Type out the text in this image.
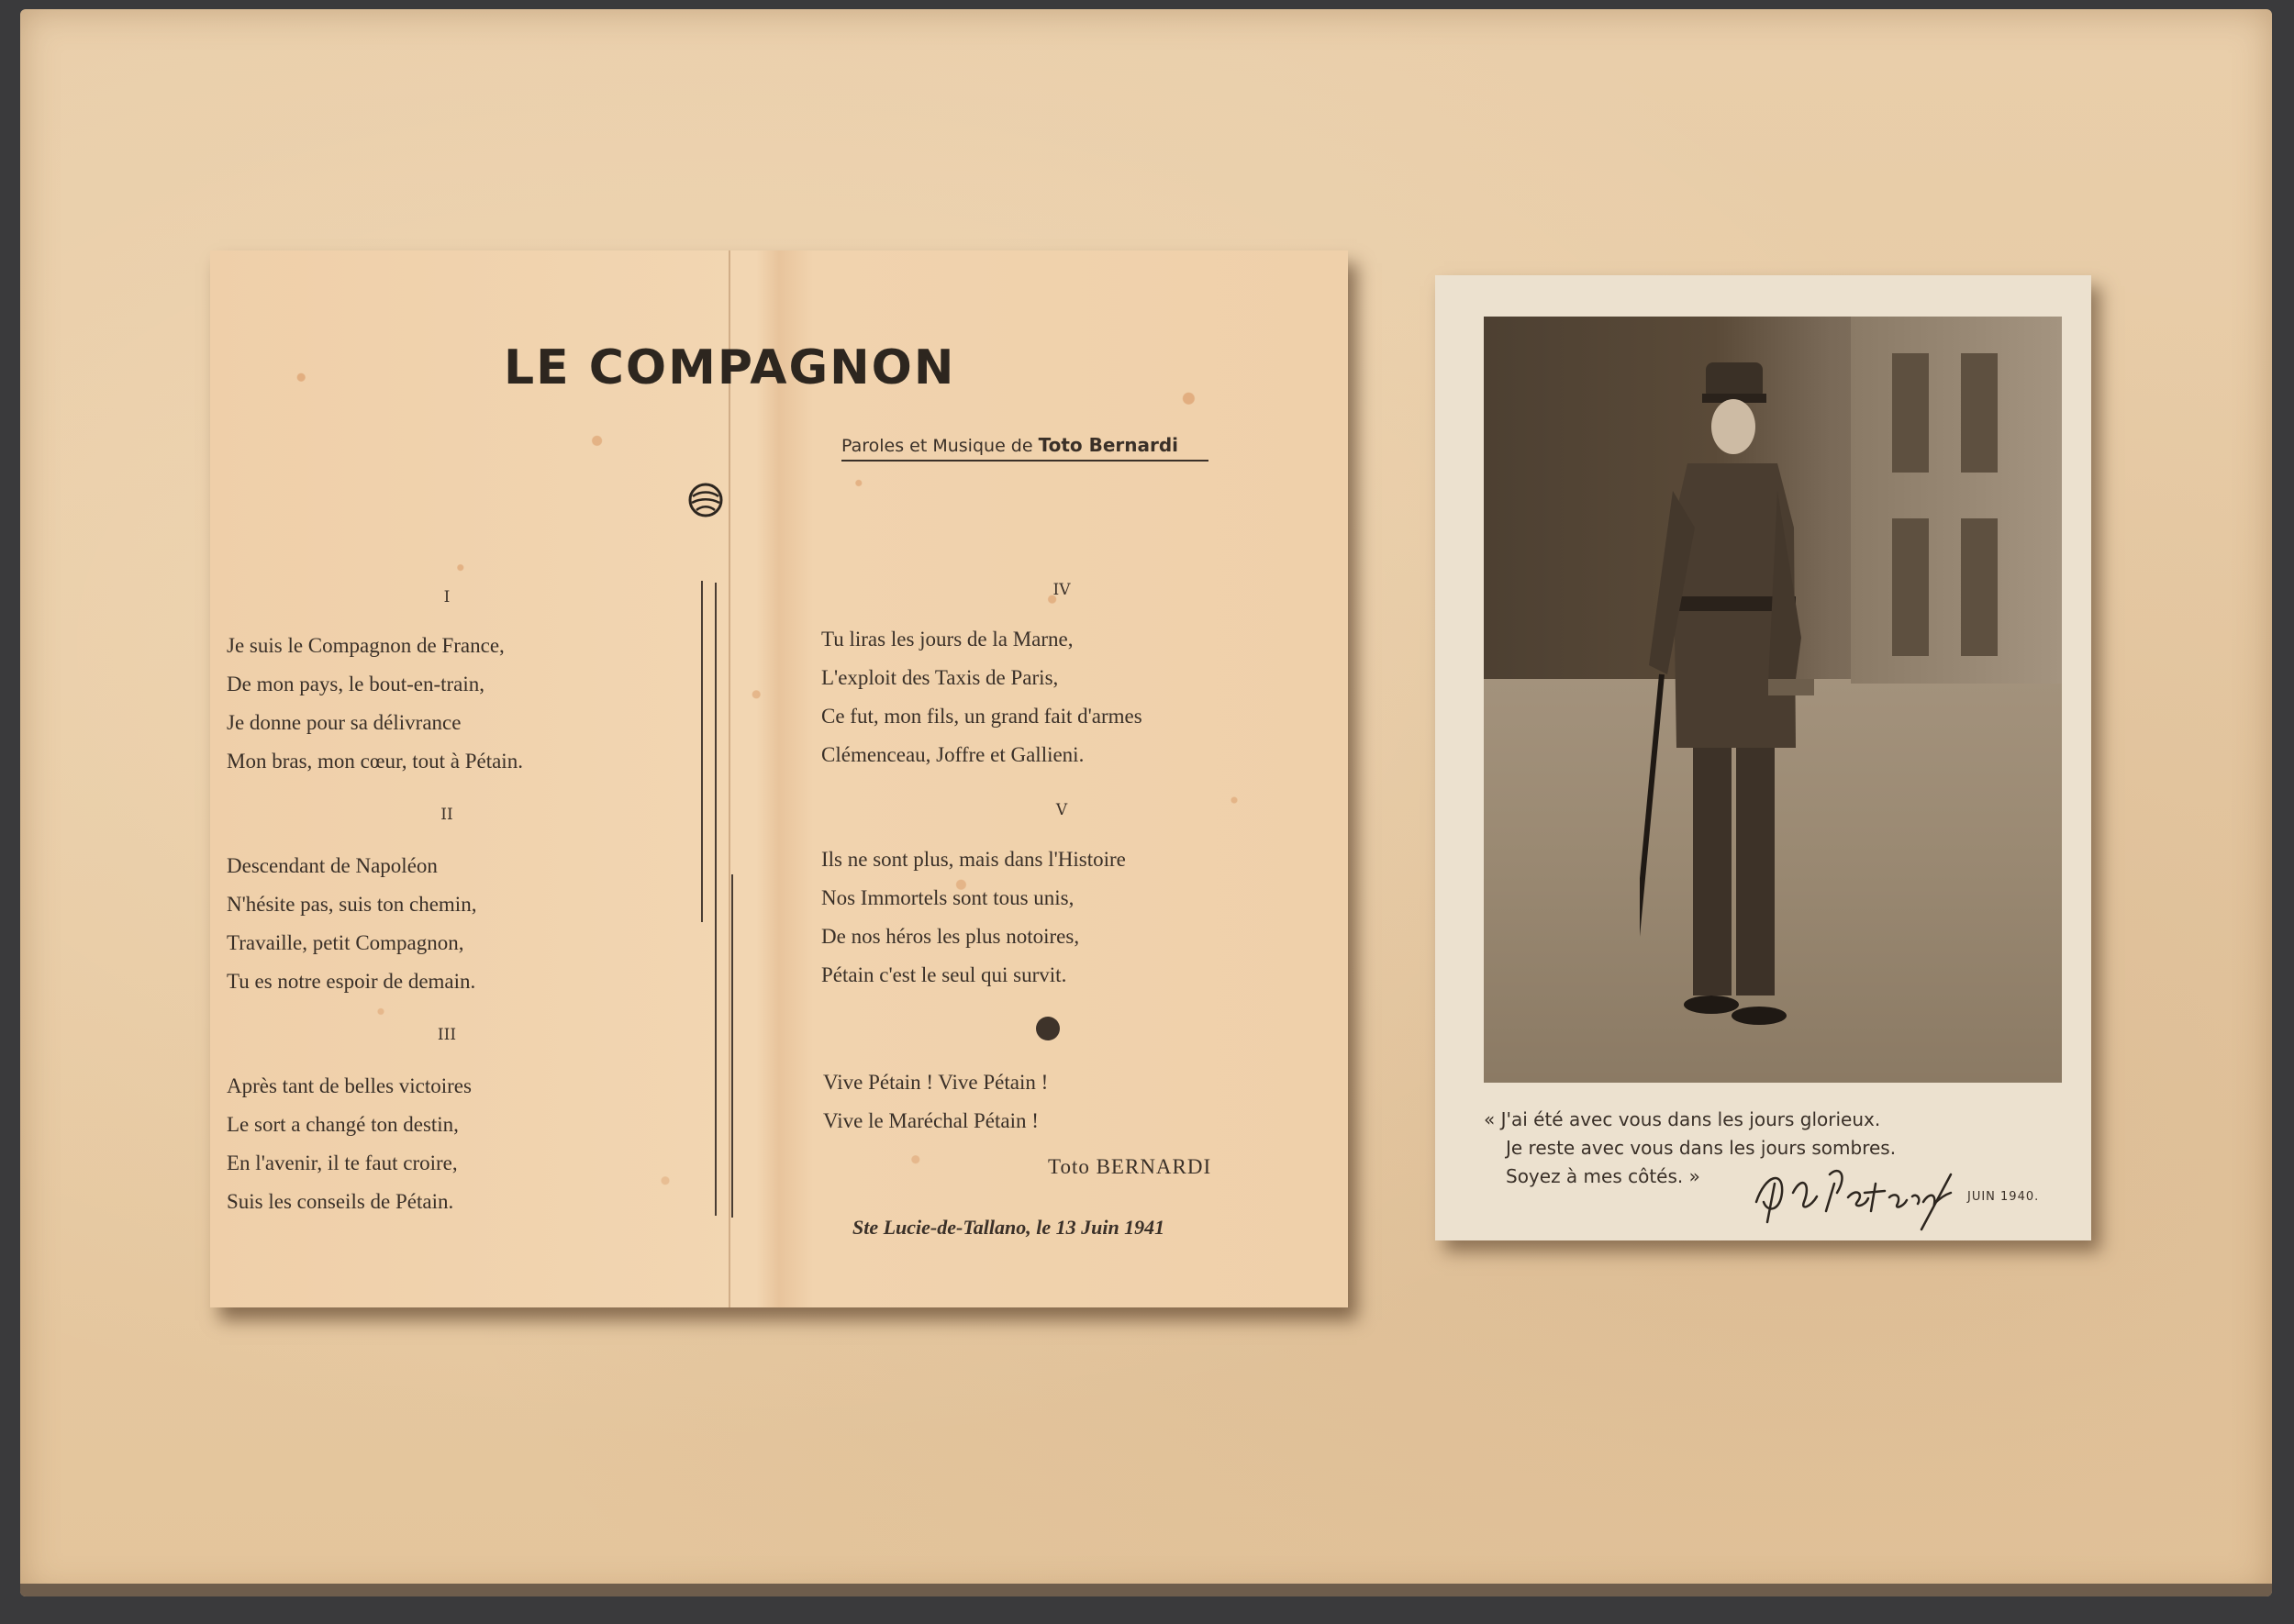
LE COMPAGNON
Paroles et Musique de Toto Bernardi
I
Je suis le Compagnon de France,
De mon pays, le bout-en-train,
Je donne pour sa délivrance
Mon bras, mon cœur, tout à Pétain.
II
Descendant de Napoléon
N'hésite pas, suis ton chemin,
Travaille, petit Compagnon,
Tu es notre espoir de demain.
III
Après tant de belles victoires
Le sort a changé ton destin,
En l'avenir, il te faut croire,
Suis les conseils de Pétain.
IV
Tu liras les jours de la Marne,
L'exploit des Taxis de Paris,
Ce fut, mon fils, un grand fait d'armes
Clémenceau, Joffre et Gallieni.
V
Ils ne sont plus, mais dans l'Histoire
Nos Immortels sont tous unis,
De nos héros les plus notoires,
Pétain c'est le seul qui survit.
Vive Pétain ! Vive Pétain !
Vive le Maréchal Pétain !
Toto BERNARDI
Ste Lucie-de-Tallano, le 13 Juin 1941
« J'ai été avec vous dans les jours glorieux.
Je reste avec vous dans les jours sombres.
Soyez à mes côtés. »
JUIN 1940.
